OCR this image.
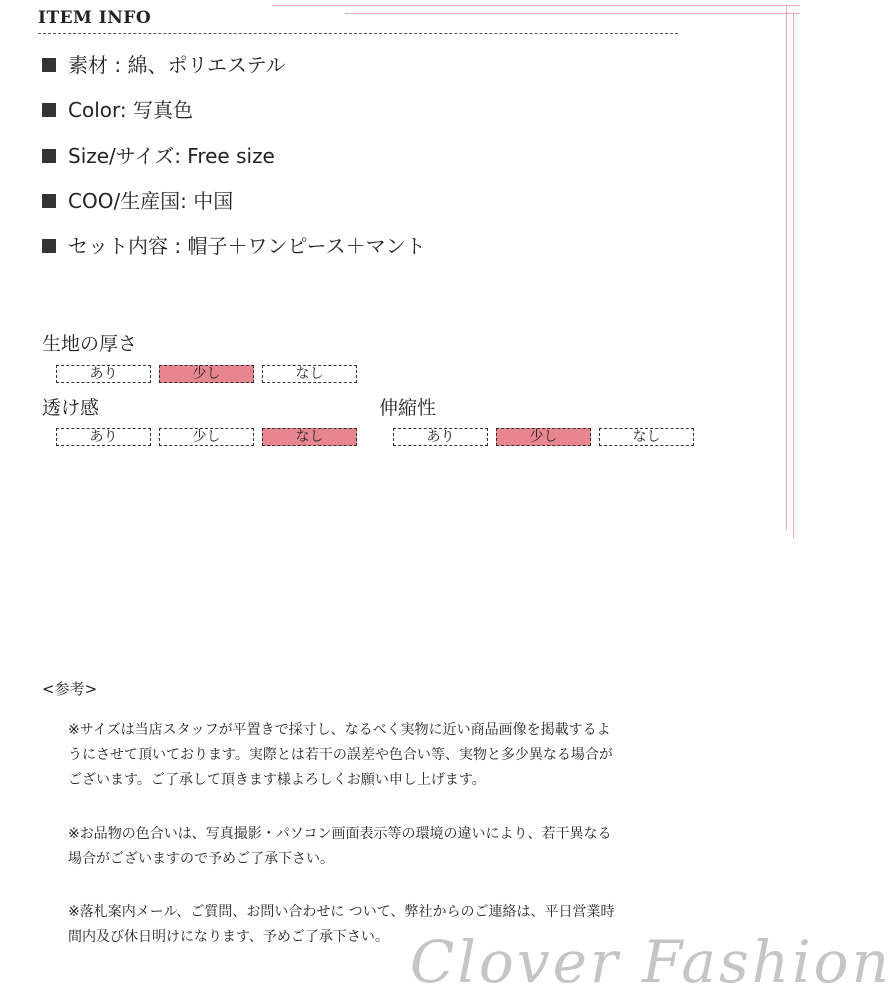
ITEM INFO
素材 : 綿、ポリエステル
Color: 写真色
Size/サイズ: Free size
COO/生産国: 中国
セット内容 : 帽子＋ワンピース＋マント
生地の厚さ
あり	少し	なし
透け感
あり	少し	なし
伸縮性
あり	少し	なし
<参考>
※サイズは当店スタッフが平置きで採寸し、なるべく実物に近い商品画像を掲載するよ
うにさせて頂いております。実際とは若干の誤差や色合い等、実物と多少異なる場合が
ございます。ご了承して頂きます様よろしくお願い申し上げます。
※お品物の色合いは、写真撮影・パソコン画面表示等の環境の違いにより、若干異なる
場合がございますので予めご了承下さい。
※落札案内メール、ご質問、お問い合わせに ついて、弊社からのご連絡は、平日営業時
間内及び休日明けになります、予めご了承下さい。 Clover Fashion
